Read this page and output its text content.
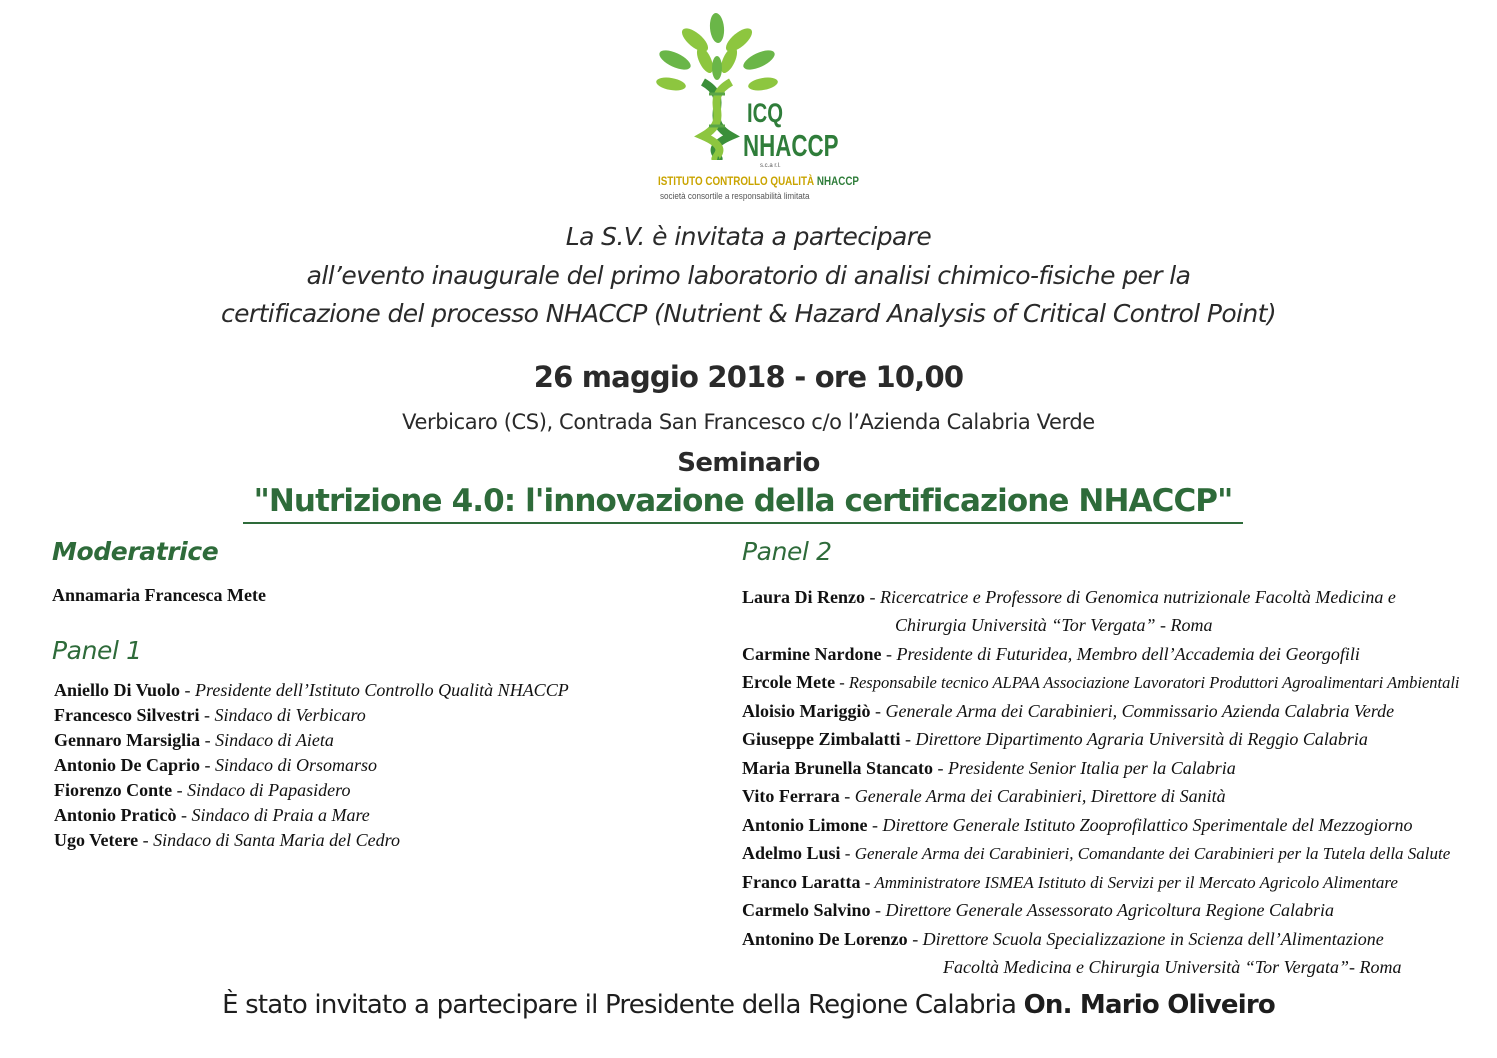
ICQ
NHACCP
s.c.a r.l.
ISTITUTO CONTROLLO QUALITÀ NHACCP
società consortile a responsabilità limitata
La S.V. è invitata a partecipare
all’evento inaugurale del primo laboratorio di analisi chimico-fisiche per la
certificazione del processo NHACCP (Nutrient & Hazard Analysis of Critical Control Point)
26 maggio 2018 - ore 10,00
Verbicaro (CS), Contrada San Francesco c/o l’Azienda Calabria Verde
Seminario
"Nutrizione 4.0: l'innovazione della certificazione NHACCP"
Moderatrice
Annamaria Francesca Mete
Panel 1
Aniello Di Vuolo - Presidente dell’Istituto Controllo Qualità NHACCP
Francesco Silvestri - Sindaco di Verbicaro
Gennaro Marsiglia - Sindaco di Aieta
Antonio De Caprio - Sindaco di Orsomarso
Fiorenzo Conte - Sindaco di Papasidero
Antonio Praticò - Sindaco di Praia a Mare
Ugo Vetere - Sindaco di Santa Maria del Cedro
Panel 2
Laura Di Renzo - Ricercatrice e Professore di Genomica nutrizionale Facoltà Medicina e
Chirurgia Università “Tor Vergata” - Roma
Carmine Nardone - Presidente di Futuridea, Membro dell’Accademia dei Georgofili
Ercole Mete - Responsabile tecnico ALPAA Associazione Lavoratori Produttori Agroalimentari Ambientali
Aloisio Mariggiò - Generale Arma dei Carabinieri, Commissario Azienda Calabria Verde
Giuseppe Zimbalatti - Direttore Dipartimento Agraria Università di Reggio Calabria
Maria Brunella Stancato - Presidente Senior Italia per la Calabria
Vito Ferrara - Generale Arma dei Carabinieri, Direttore di Sanità
Antonio Limone - Direttore Generale Istituto Zooprofilattico Sperimentale del Mezzogiorno
Adelmo Lusi - Generale Arma dei Carabinieri, Comandante dei Carabinieri per la Tutela della Salute
Franco Laratta - Amministratore ISMEA Istituto di Servizi per il Mercato Agricolo Alimentare
Carmelo Salvino - Direttore Generale Assessorato Agricoltura Regione Calabria
Antonino De Lorenzo - Direttore Scuola Specializzazione in Scienza dell’Alimentazione
Facoltà Medicina e Chirurgia Università “Tor Vergata”- Roma
È stato invitato a partecipare il Presidente della Regione Calabria On. Mario Oliveiro
